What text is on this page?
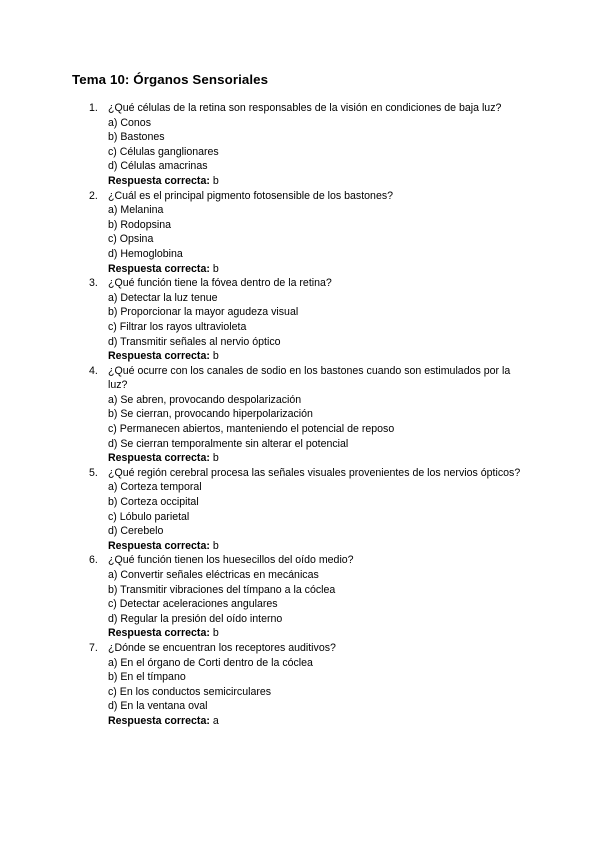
Tema 10: Órganos Sensoriales
1. ¿Qué células de la retina son responsables de la visión en condiciones de baja luz?
a) Conos
b) Bastones
c) Células ganglionares
d) Células amacrinas
Respuesta correcta: b
2. ¿Cuál es el principal pigmento fotosensible de los bastones?
a) Melanina
b) Rodopsina
c) Opsina
d) Hemoglobina
Respuesta correcta: b
3. ¿Qué función tiene la fóvea dentro de la retina?
a) Detectar la luz tenue
b) Proporcionar la mayor agudeza visual
c) Filtrar los rayos ultravioleta
d) Transmitir señales al nervio óptico
Respuesta correcta: b
4. ¿Qué ocurre con los canales de sodio en los bastones cuando son estimulados por la luz?
a) Se abren, provocando despolarización
b) Se cierran, provocando hiperpolarización
c) Permanecen abiertos, manteniendo el potencial de reposo
d) Se cierran temporalmente sin alterar el potencial
Respuesta correcta: b
5. ¿Qué región cerebral procesa las señales visuales provenientes de los nervios ópticos?
a) Corteza temporal
b) Corteza occipital
c) Lóbulo parietal
d) Cerebelo
Respuesta correcta: b
6. ¿Qué función tienen los huesecillos del oído medio?
a) Convertir señales eléctricas en mecánicas
b) Transmitir vibraciones del tímpano a la cóclea
c) Detectar aceleraciones angulares
d) Regular la presión del oído interno
Respuesta correcta: b
7. ¿Dónde se encuentran los receptores auditivos?
a) En el órgano de Corti dentro de la cóclea
b) En el tímpano
c) En los conductos semicirculares
d) En la ventana oval
Respuesta correcta: a
